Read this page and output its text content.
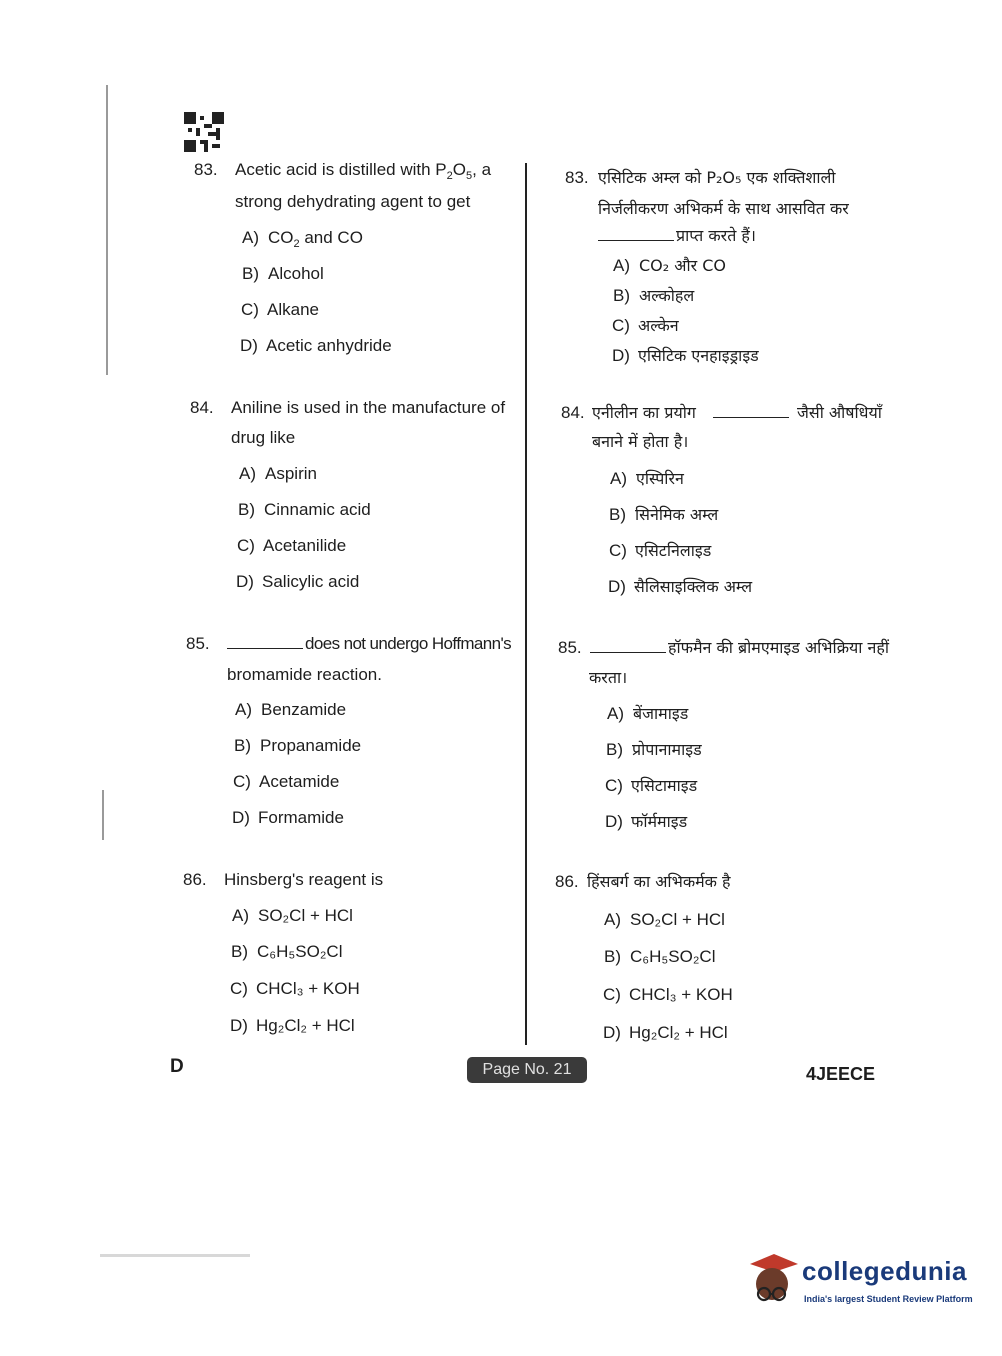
83. Acetic acid is distilled with $P_2O_5$, a
strong dehydrating agent to get
A) $CO_2$ and CO
B) Alcohol
C) Alkane
D) Acetic anhydride
84. Aniline is used in the manufacture of
drug like
A) Aspirin
B) Cinnamic acid
C) Acetanilide
D) Salicylic acid
85.	does not undergo Hoffmann's
bromamide reaction.
A) Benzamide
B) Propanamide
C) Acetamide
D) Formamide
86. Hinsberg's reagent is
A) SO₂Cl + HCl
B) C₆H₅SO₂Cl
C) CHCl₃ + KOH
D) Hg₂Cl₂ + HCl
83. एसिटिक अम्ल को P₂O₅ एक शक्तिशाली
निर्जलीकरण अभिकर्म के साथ आसवित कर
प्राप्त करते हैं।
A) CO₂ और CO
B) अल्कोहल
C) अल्केन
D) एसिटिक एनहाइड्राइड
84. एनीलीन का प्रयोग	जैसी औषधियाँ
बनाने में होता है।
A) एस्पिरिन
B) सिनेमिक अम्ल
C) एसिटनिलाइड
D) सैलिसाइक्लिक अम्ल
85.	हॉफमैन की ब्रोमएमाइड अभिक्रिया नहीं
करता।
A) बेंजामाइड
B) प्रोपानामाइड
C) एसिटामाइड
D) फॉर्ममाइड
86. हिंसबर्ग का अभिकर्मक है
A) SO₂Cl + HCl
B) C₆H₅SO₂Cl
C) CHCl₃ + KOH
D) Hg₂Cl₂ + HCl
D	Page No. 21	4JEECE
collegedunia
India's largest Student Review Platform
